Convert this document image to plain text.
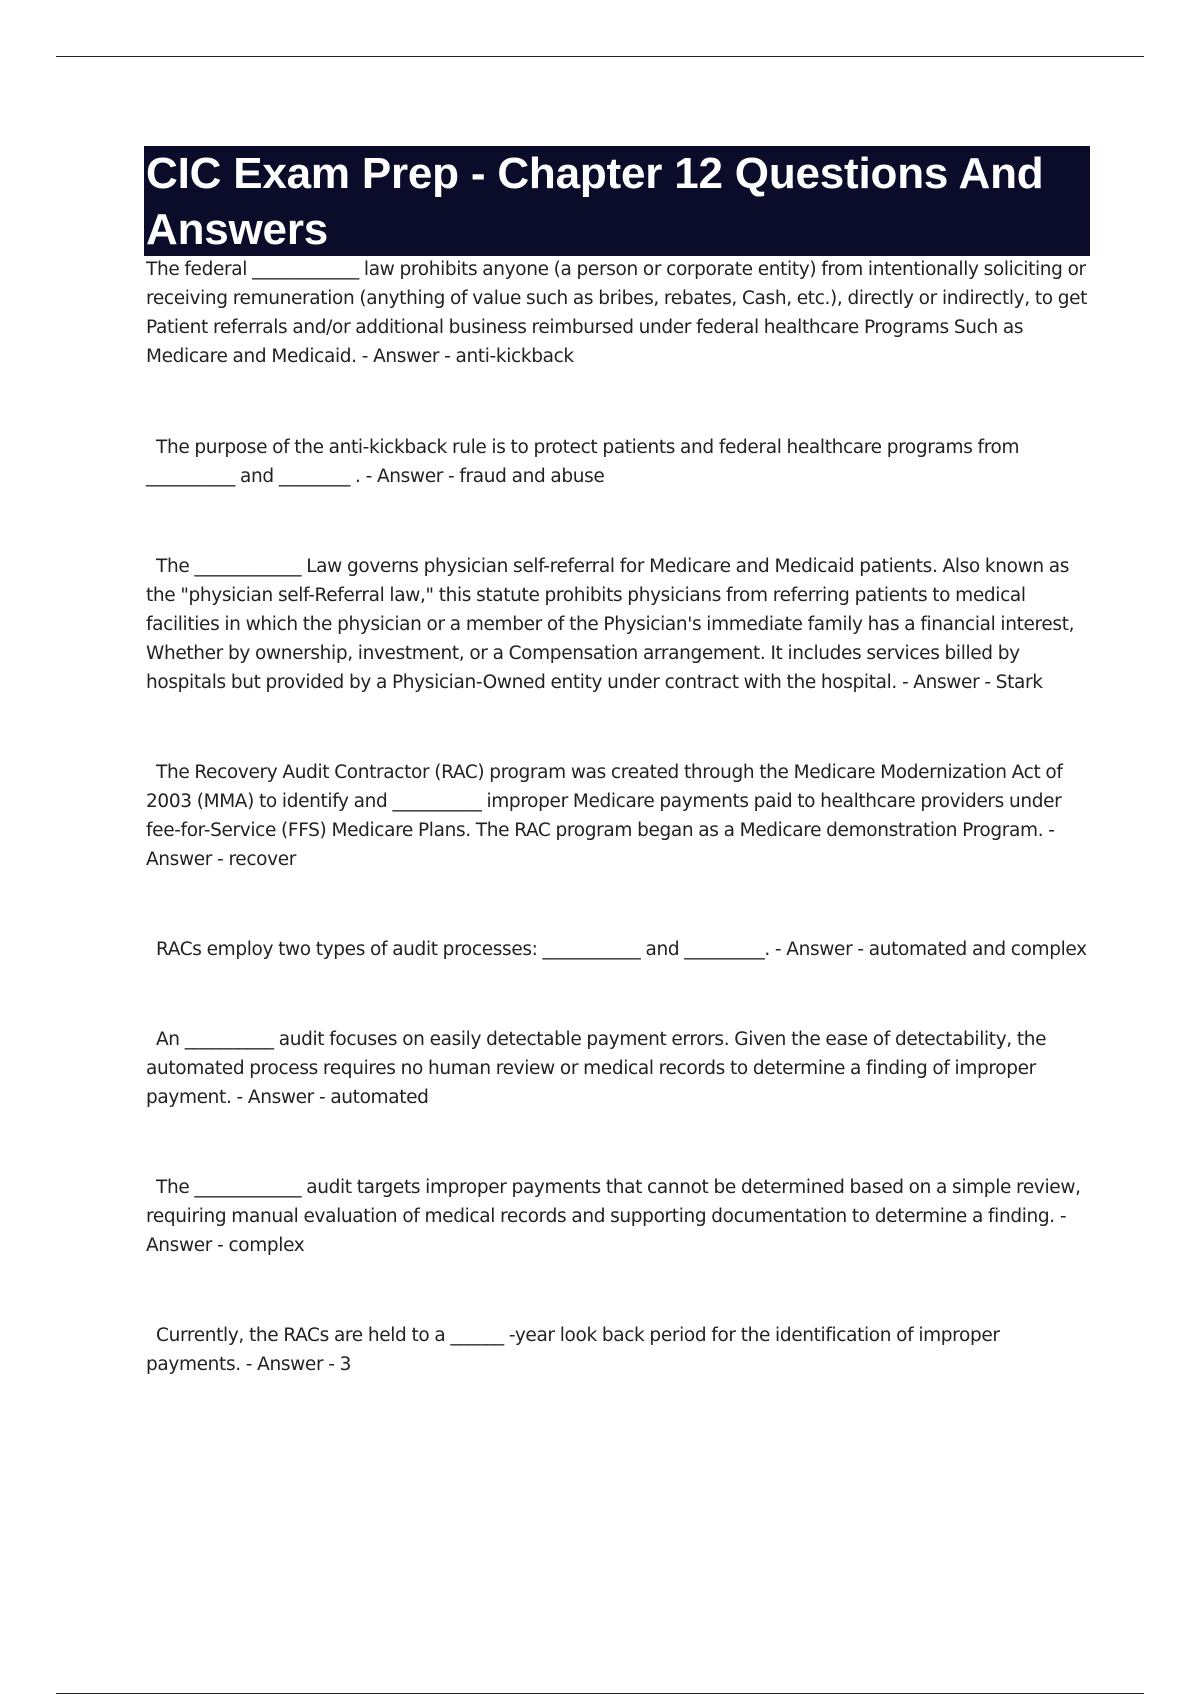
CIC Exam Prep - Chapter 12 Questions And Answers

The federal ____________ law prohibits anyone (a person or corporate entity) from intentionally soliciting or receiving remuneration (anything of value such as bribes, rebates, Cash, etc.), directly or indirectly, to get Patient referrals and/or additional business reimbursed under federal healthcare Programs Such as Medicare and Medicaid. - Answer - anti-kickback

The purpose of the anti-kickback rule is to protect patients and federal healthcare programs from __________ and ________ . - Answer - fraud and abuse

The ____________ Law governs physician self-referral for Medicare and Medicaid patients. Also known as the "physician self-Referral law," this statute prohibits physicians from referring patients to medical facilities in which the physician or a member of the Physician's immediate family has a financial interest, Whether by ownership, investment, or a Compensation arrangement. It includes services billed by hospitals but provided by a Physician-Owned entity under contract with the hospital. - Answer - Stark

The Recovery Audit Contractor (RAC) program was created through the Medicare Modernization Act of 2003 (MMA) to identify and __________ improper Medicare payments paid to healthcare providers under fee-for-Service (FFS) Medicare Plans. The RAC program began as a Medicare demonstration Program. - Answer - recover

RACs employ two types of audit processes: ___________ and _________. - Answer - automated and complex

An __________ audit focuses on easily detectable payment errors. Given the ease of detectability, the automated process requires no human review or medical records to determine a finding of improper payment. - Answer - automated

The ____________ audit targets improper payments that cannot be determined based on a simple review, requiring manual evaluation of medical records and supporting documentation to determine a finding. - Answer - complex

Currently, the RACs are held to a ______ -year look back period for the identification of improper payments. - Answer - 3
